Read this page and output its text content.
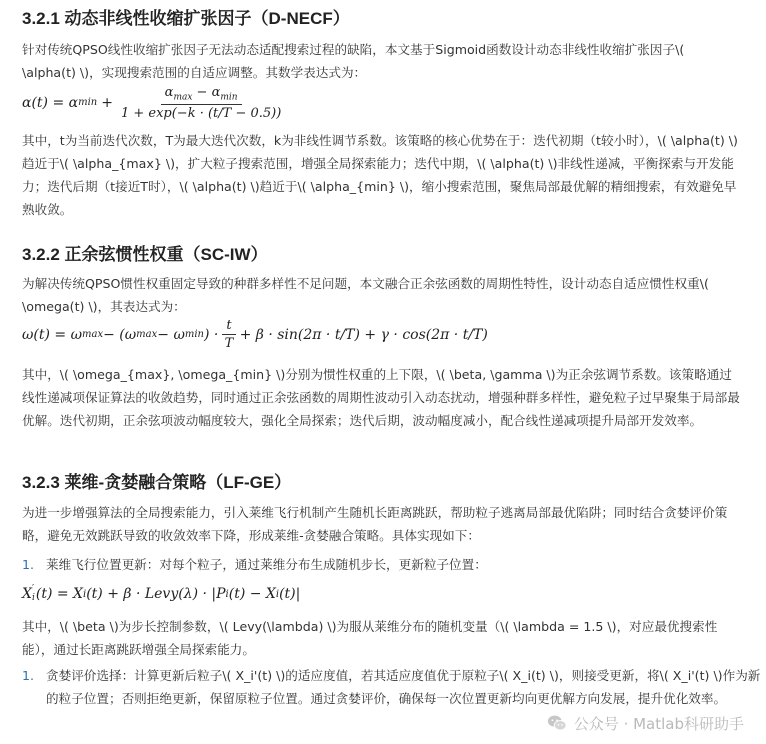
3.2.1 动态非线性收缩扩张因子（D-NECF）

针对传统QPSO线性收缩扩张因子无法动态适配搜索过程的缺陷，本文基于Sigmoid函数设计动态非线性收缩扩张因子\( \alpha(t) \)，实现搜索范围的自适应调整。其数学表达式为：

α(t) = α $\min + \frac{\alpha_{max} - \alpha_{min}}{1 + \exp(-k \cdot (t/T - 0.5))}$

其中，t为当前迭代次数，T为最大迭代次数，k为非线性调节系数。该策略的核心优势在于：迭代初期（t较小时），\( \alpha(t) \)趋近于\( \alpha_{max} \)，扩大粒子搜索范围，增强全局探索能力；迭代中期，\( \alpha(t) \)非线性递减，平衡探索与开发能力；迭代后期（t接近T时），\( \alpha(t) \)趋近于\( \alpha_{min} \)，缩小搜索范围，聚焦局部最优解的精细搜索，有效避免早熟收敛。

3.2.2 正余弦惯性权重（SC-IW）

为解决传统QPSO惯性权重固定导致的种群多样性不足问题，本文融合正余弦函数的周期性特性，设计动态自适应惯性权重\( \omega(t) \)，其表达式为：

ω(t) = ω max − (ω max − ω min ) · $\frac{t}{T} + \beta \cdot \sin(2\pi \cdot t/T) + \gamma \cdot \cos(2\pi \cdot t/T)$

其中，\( \omega_{max}, \omega_{min} \)分别为惯性权重的上下限，\( \beta, \gamma \)为正余弦调节系数。该策略通过线性递减项保证算法的收敛趋势，同时通过正余弦函数的周期性波动引入动态扰动，增强种群多样性，避免粒子过早聚集于局部最优解。迭代初期，正余弦项波动幅度较大，强化全局探索；迭代后期，波动幅度减小，配合线性递减项提升局部开发效率。

3.2.3 莱维-贪婪融合策略（LF-GE）

为进一步增强算法的全局搜索能力，引入莱维飞行机制产生随机长距离跳跃，帮助粒子逃离局部最优陷阱；同时结合贪婪评价策略，避免无效跳跃导致的收敛效率下降，形成莱维-贪婪融合策略。具体实现如下：

1. 莱维飞行位置更新：对每个粒子，通过莱维分布生成随机步长，更新粒子位置：
X ′
i (t) = X i (t) + β · Levy(λ) · |P i (t) − X i (t)|

其中，\( \beta \)为步长控制参数，\( Levy(\lambda) \)为服从莱维分布的随机变量（\( \lambda = 1.5 \)，对应最优搜索性能），通过长距离跳跃增强全局探索能力。

1. 贪婪评价选择：计算更新后粒子\( X_i'(t) \)的适应度值，若其适应度值优于原粒子\( X_i(t) \)，则接受更新，将\( X_i'(t) \)作为新的粒子位置；否则拒绝更新，保留原粒子位置。通过贪婪评价，确保每一次位置更新均向更优解方向发展，提升优化效率。
公众号 · Matlab科研助手
